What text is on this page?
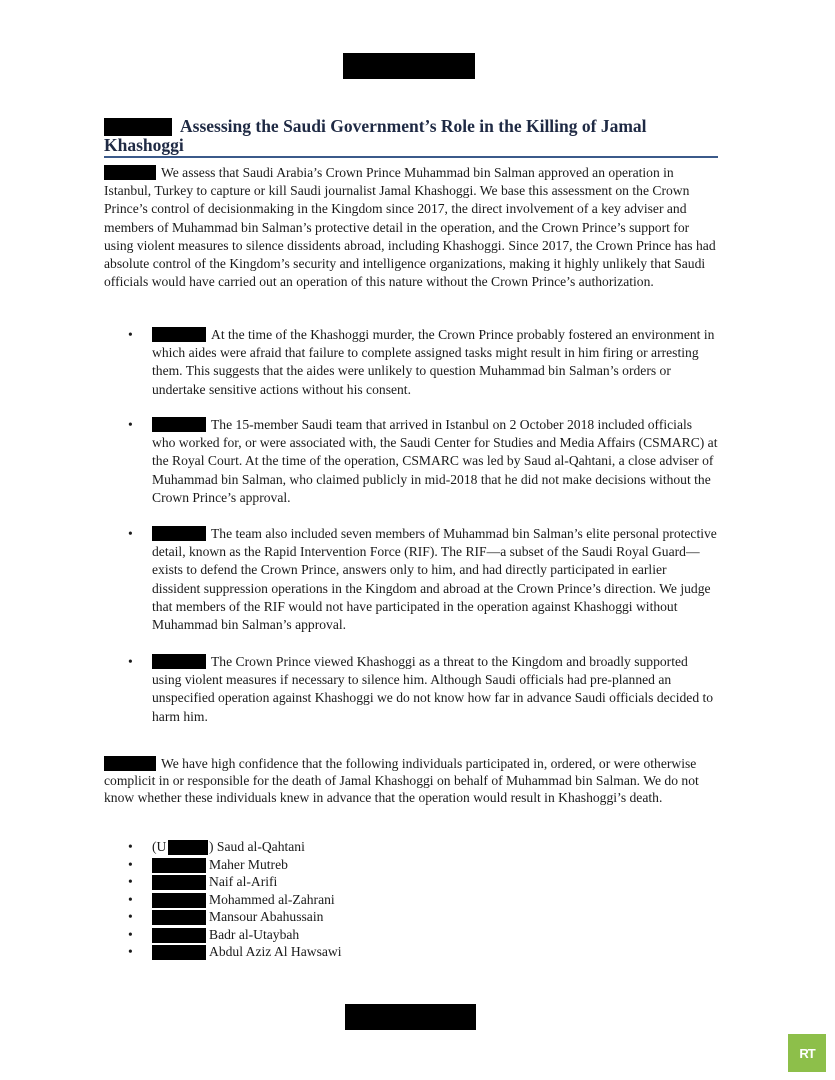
Assessing the Saudi Government’s Role in the Killing of Jamal
Khashoggi

We assess that Saudi Arabia’s Crown Prince Muhammad bin Salman approved an operation in Istanbul, Turkey to capture or kill Saudi journalist Jamal Khashoggi. We base this assessment on the Crown Prince’s control of decisionmaking in the Kingdom since 2017, the direct involvement of a key adviser and members of Muhammad bin Salman’s protective detail in the operation, and the Crown Prince’s support for using violent measures to silence dissidents abroad, including Khashoggi. Since 2017, the Crown Prince has had absolute control of the Kingdom’s security and intelligence organizations, making it highly unlikely that Saudi officials would have carried out an operation of this nature without the Crown Prince’s authorization.

•	At the time of the Khashoggi murder, the Crown Prince probably fostered an environment in which aides were afraid that failure to complete assigned tasks might result in him firing or arresting them. This suggests that the aides were unlikely to question Muhammad bin Salman’s orders or undertake sensitive actions without his consent.
•	The 15-member Saudi team that arrived in Istanbul on 2 October 2018 included officials who worked for, or were associated with, the Saudi Center for Studies and Media Affairs (CSMARC) at the Royal Court. At the time of the operation, CSMARC was led by Saud al-Qahtani, a close adviser of Muhammad bin Salman, who claimed publicly in mid-2018 that he did not make decisions without the Crown Prince’s approval.
•	The team also included seven members of Muhammad bin Salman’s elite personal protective detail, known as the Rapid Intervention Force (RIF). The RIF—a subset of the Saudi Royal Guard—exists to defend the Crown Prince, answers only to him, and had directly participated in earlier dissident suppression operations in the Kingdom and abroad at the Crown Prince’s direction. We judge that members of the RIF would not have participated in the operation against Khashoggi without Muhammad bin Salman’s approval.
•	The Crown Prince viewed Khashoggi as a threat to the Kingdom and broadly supported using violent measures if necessary to silence him. Although Saudi officials had pre-planned an unspecified operation against Khashoggi we do not know how far in advance Saudi officials decided to harm him.

We have high confidence that the following individuals participated in, ordered, or were otherwise complicit in or responsible for the death of Jamal Khashoggi on behalf of Muhammad bin Salman. We do not know whether these individuals knew in advance that the operation would result in Khashoggi’s death.

• (U	) Saud al-Qahtani
•	Maher Mutreb
•	Naif al-Arifi
•	Mohammed al-Zahrani
•	Mansour Abahussain
•	Badr al-Utaybah
•	Abdul Aziz Al Hawsawi
RT
